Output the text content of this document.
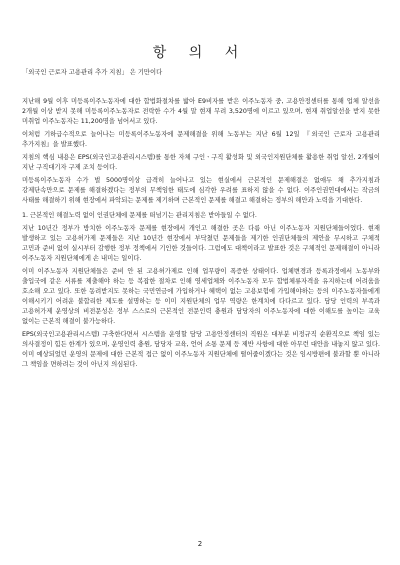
항 의 서
「외국인 근로자 고용관리 추가 지침」 은 기만이다

지난해 9월 이후 미등록이주노동자에 대한 합법화절차를 밟아 E9비자를 받은 이주노동자 중, 고용안정센터를 통해 업체 알선을 2개월 이상 받지 못해 미등록이주노동자로 전락한 수가 4월 말 현재 무려 3,520명에 이르고 있으며, 현재 취업알선을 받지 못한 미취업 이주노동자는 11,200명을 넘어서고 있다.

이처럼 기하급수적으로 늘어나는 미등록이주노동자에 문제해결을 위해 노동부는 지난 6월 12일 『외국인 근로자 고용관리 추가지침』을 발표했다.

지침의 핵심 내용은 EPS(외국인고용관리시스템)를 통한 자체 구인ㆍ구직 활성화 및 외국인지원단체를 활용한 취업 알선, 2개월이 지난 구직대기자 구제 조치 등이다.

미등록이주노동자 수가 벌 5000명이상 급격히 늘어나고 있는 현실에서 근본적인 문제해결은 없애두 채 추가지침과 강제단속만으로 문제를 해결하겠다는 정부의 무책임한 태도에 심각한 우려를 표하지 않을 수 없다. 이주인권연대에서는 작금의 사태를 해결하기 위해 현장에서 파악되는 문제를 제기하며 근본적인 문제를 해결고 해결하는 정부의 해안과 노력을 기대한다.

1. 근본적인 해결노력 없이 인권단체에 문제를 떠넘기는 관리지침은 받아들일 수 없다.

지난 10년간 정부가 방치한 이주노동자 문제를 현장에서 개인고 해결한 곳은 다름 아닌 이주노동자 지원단체들이었다. 현재 발생하고 있는 고용허가제 문제들은 지난 10년간 현장에서 부닥쳤던 문제들을 제기한 인권단체들의 제안을 무시하고 구체적 고민과 준비 없이 실시부터 감행한 정부 정책에서 기인한 것들이다. 그럼에도 대책이라고 발표한 것은 구체적인 문제해결이 아니라 이주노동자 지원단체에게 손 내미는 일이다.

이미 이주노동자 지원단체들은 준비 안 된 고용허가제로 인해 업무량이 폭증한 상태이다. 업체변경과 등록과정에서 노동부와 출입국에 같은 서류를 제출해야 하는 등 복잡한 절차로 인해 영세업체와 이주노동자 모두 합법체류자격을 유지하는데 어려움을 호소해 오고 있다. 또한 동려받지도 못하는 국민연금에 가입하거나 혜택이 없는 고용보험에 가입해야하는 등의 이주노동자들에게 이해시키기 어려운 불합리한 제도를 설명하는 등 이미 지원단체의 업무 역량은 한계치에 다다르고 있다. 담당 인력의 부족과 고용허가제 운영상의 비전문성은 정부 스스로의 근본적인 전문인력 충원과 담당자의 이주노동자에 대한 이해도를 높이는 교육 없이는 근본적 해결이 불가능하다.

EPS(외국인고용관리시스템) 구축한다면서 시스템을 운영할 담당 고용안정센터의 직원은 대부분 비정규직 순환직으로 책임 있는 의사결정이 힘든 한계가 있으며, 운영인력 충원, 담당자 교육, 언어 소통 문제 등 제반 사항에 대한 아무런 대안을 내놓지 않고 있다. 이미 예상되었던 운영의 문제에 대한 근본적 접근 없이 이주노동자 지원단체에 떨어줍이겠다는 것은 임시방편에 불과할 뿐 아니라 그 책임을 면하려는 것이 아닌지 의심된다.

2
